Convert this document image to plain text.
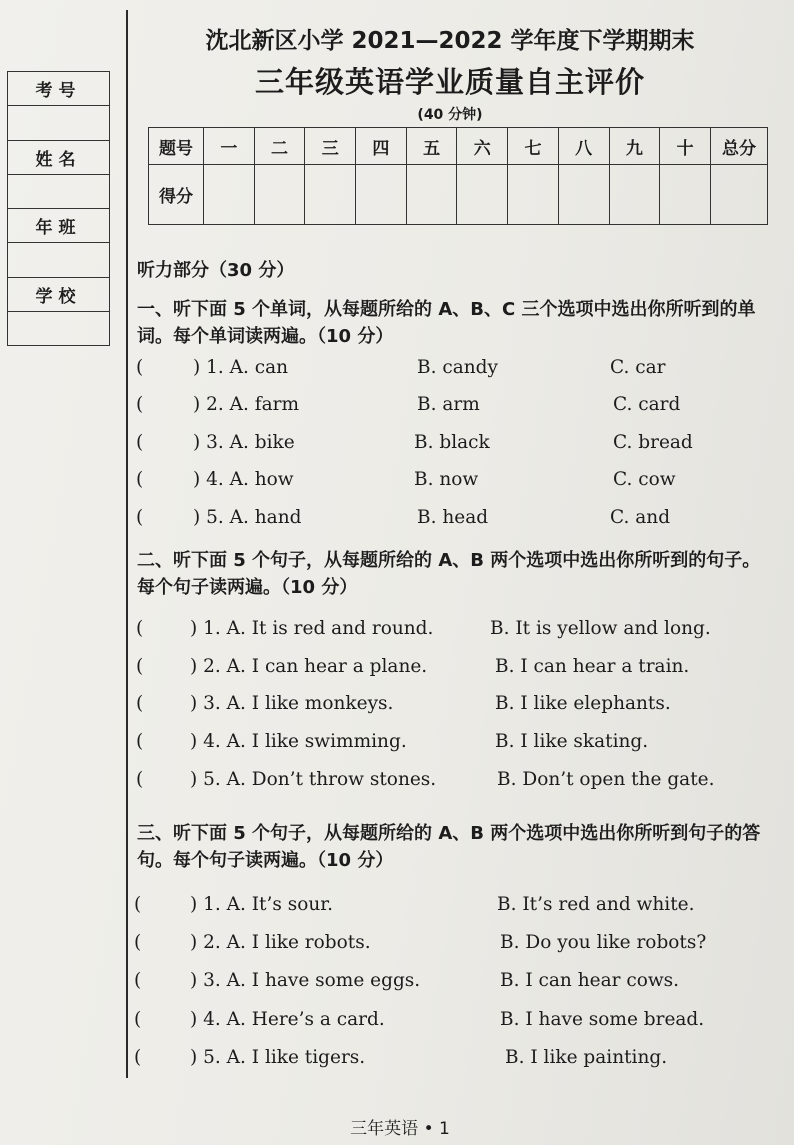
考号
姓名
年班
学校
沈北新区小学 2021—2022 学年度下学期期末
三年级英语学业质量自主评价
(40 分钟)
题号	一	二	三	四	五	六	七	八	九	十	总分
得分											
听力部分（30 分）
一、听下面 5 个单词，从每题所给的 A、B、C 三个选项中选出你所听到的单词。每个单词读两遍。（10 分）
(	) 1. A. can	B. candy	C. car
(	) 2. A. farm	B. arm	C. card
(	) 3. A. bike	B. black	C. bread
(	) 4. A. how	B. now	C. cow
(	) 5. A. hand	B. head	C. and
二、听下面 5 个句子，从每题所给的 A、B 两个选项中选出你所听到的句子。每个句子读两遍。（10 分）
(	) 1. A. It is red and round.	B. It is yellow and long.
(	) 2. A. I can hear a plane.	B. I can hear a train.
(	) 3. A. I like monkeys.	B. I like elephants.
(	) 4. A. I like swimming.	B. I like skating.
(	) 5. A. Don’t throw stones.	B. Don’t open the gate.
三、听下面 5 个句子，从每题所给的 A、B 两个选项中选出你所听到句子的答句。每个句子读两遍。（10 分）
(	) 1. A. It’s sour.	B. It’s red and white.
(	) 2. A. I like robots.	B. Do you like robots?
(	) 3. A. I have some eggs.	B. I can hear cows.
(	) 4. A. Here’s a card.	B. I have some bread.
(	) 5. A. I like tigers.	B. I like painting.
三年英语 • 1
